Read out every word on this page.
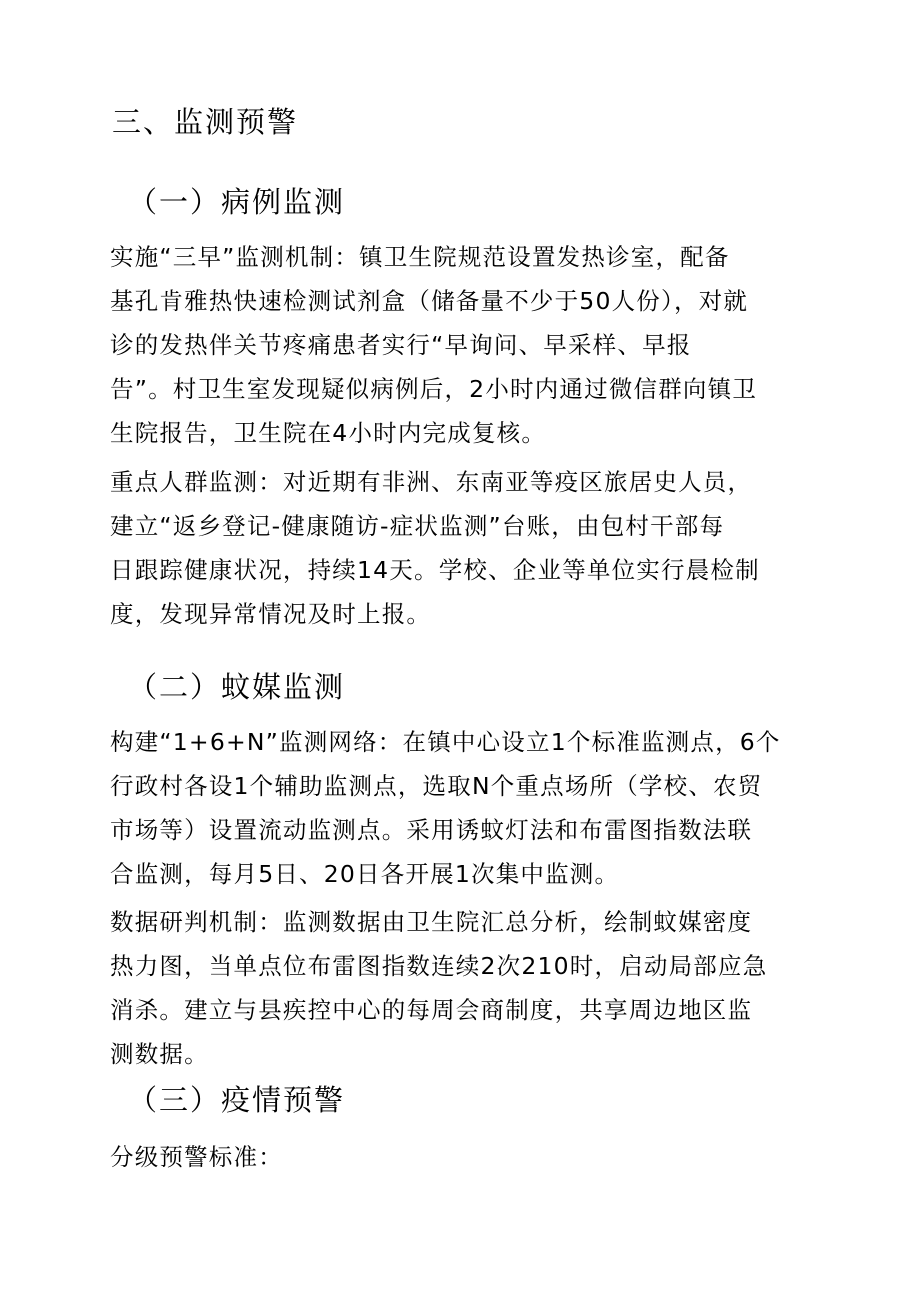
三、监测预警
（一）病例监测

实施“三早”监测机制：镇卫生院规范设置发热诊室，配备
基孔肯雅热快速检测试剂盒（储备量不少于50人份），对就
诊的发热伴关节疼痛患者实行“早询问、早采样、早报
告”。村卫生室发现疑似病例后，2小时内通过微信群向镇卫
生院报告，卫生院在4小时内完成复核。

重点人群监测：对近期有非洲、东南亚等疫区旅居史人员，
建立“返乡登记-健康随访-症状监测”台账，由包村干部每
日跟踪健康状况，持续14天。学校、企业等单位实行晨检制
度，发现异常情况及时上报。

（二）蚊媒监测

构建“1+6+N”监测网络：在镇中心设立1个标准监测点，6个
行政村各设1个辅助监测点，选取N个重点场所（学校、农贸
市场等）设置流动监测点。采用诱蚊灯法和布雷图指数法联
合监测，每月5日、20日各开展1次集中监测。

数据研判机制：监测数据由卫生院汇总分析，绘制蚊媒密度
热力图，当单点位布雷图指数连续2次210时，启动局部应急
消杀。建立与县疾控中心的每周会商制度，共享周边地区监
测数据。

（三）疫情预警

分级预警标准：
